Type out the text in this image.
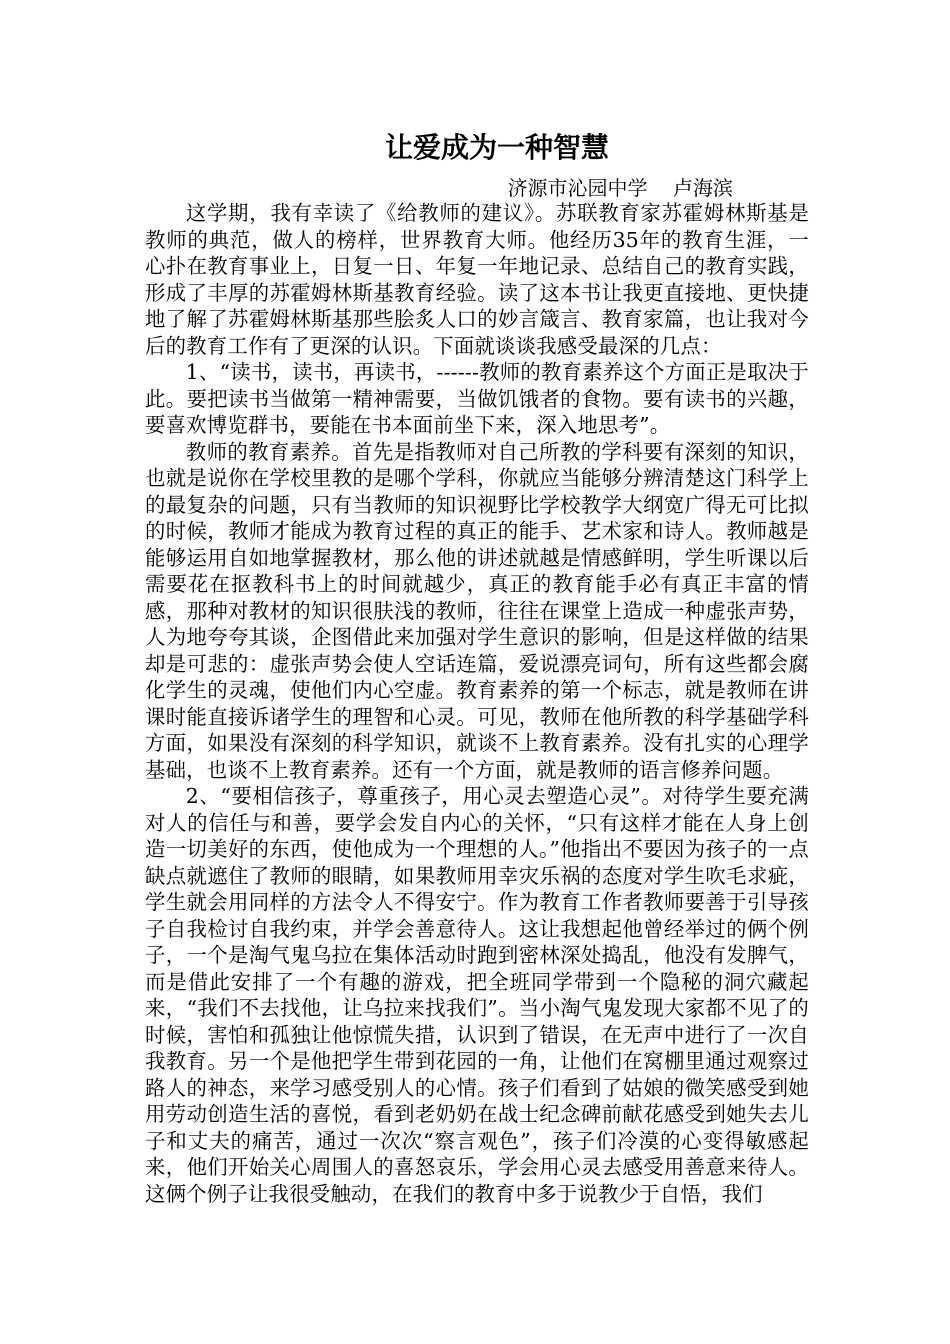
让爱成为一种智慧

济源市沁园中学    卢海滨

这学期，我有幸读了《给教师的建议》。苏联教育家苏霍姆林斯基是教师的典范，做人的榜样，世界教育大师。他经历35年的教育生涯，一心扑在教育事业上，日复一日、年复一年地记录、总结自己的教育实践，形成了丰厚的苏霍姆林斯基教育经验。读了这本书让我更直接地、更快捷地了解了苏霍姆林斯基那些脍炙人口的妙言箴言、教育家篇，也让我对今后的教育工作有了更深的认识。下面就谈谈我感受最深的几点：

1、“读书，读书，再读书，------教师的教育素养这个方面正是取决于此。要把读书当做第一精神需要，当做饥饿者的食物。要有读书的兴趣，要喜欢博览群书，要能在书本面前坐下来，深入地思考”。

教师的教育素养。首先是指教师对自己所教的学科要有深刻的知识，也就是说你在学校里教的是哪个学科，你就应当能够分辨清楚这门科学上的最复杂的问题，只有当教师的知识视野比学校教学大纲宽广得无可比拟的时候，教师才能成为教育过程的真正的能手、艺术家和诗人。教师越是能够运用自如地掌握教材，那么他的讲述就越是情感鲜明，学生听课以后需要花在抠教科书上的时间就越少，真正的教育能手必有真正丰富的情感，那种对教材的知识很肤浅的教师，往往在课堂上造成一种虚张声势，人为地夸夸其谈，企图借此来加强对学生意识的影响，但是这样做的结果却是可悲的：虚张声势会使人空话连篇，爱说漂亮词句，所有这些都会腐化学生的灵魂，使他们内心空虚。教育素养的第一个标志，就是教师在讲课时能直接诉诸学生的理智和心灵。可见，教师在他所教的科学基础学科方面，如果没有深刻的科学知识，就谈不上教育素养。没有扎实的心理学基础，也谈不上教育素养。还有一个方面，就是教师的语言修养问题。

2、“要相信孩子，尊重孩子，用心灵去塑造心灵”。对待学生要充满对人的信任与和善，要学会发自内心的关怀，“只有这样才能在人身上创造一切美好的东西，使他成为一个理想的人。”他指出不要因为孩子的一点缺点就遮住了教师的眼睛，如果教师用幸灾乐祸的态度对学生吹毛求疵，学生就会用同样的方法令人不得安宁。作为教育工作者教师要善于引导孩子自我检讨自我约束，并学会善意待人。这让我想起他曾经举过的俩个例子，一个是淘气鬼乌拉在集体活动时跑到密林深处捣乱，他没有发脾气，而是借此安排了一个有趣的游戏，把全班同学带到一个隐秘的洞穴藏起来，“我们不去找他，让乌拉来找我们”。当小淘气鬼发现大家都不见了的时候，害怕和孤独让他惊慌失措，认识到了错误，在无声中进行了一次自我教育。另一个是他把学生带到花园的一角，让他们在窝棚里通过观察过路人的神态，来学习感受别人的心情。孩子们看到了姑娘的微笑感受到她用劳动创造生活的喜悦，看到老奶奶在战士纪念碑前献花感受到她失去儿子和丈夫的痛苦，通过一次次“察言观色”，孩子们冷漠的心变得敏感起来，他们开始关心周围人的喜怒哀乐，学会用心灵去感受用善意来待人。这俩个例子让我很受触动，在我们的教育中多于说教少于自悟，我们
